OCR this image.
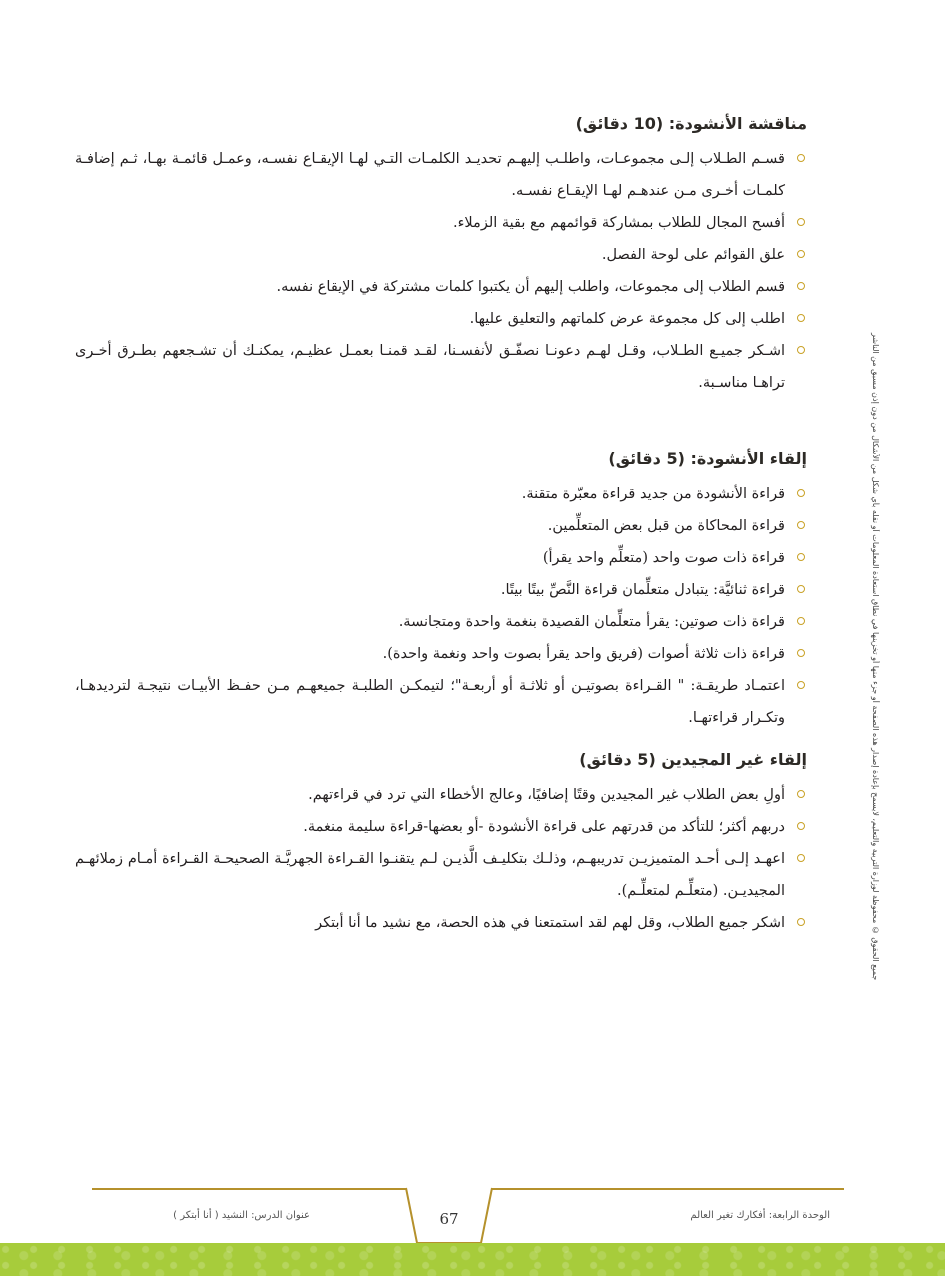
مناقشة الأنشودة: (10 دقائق)
قسـم الطـلاب إلـى مجموعـات، واطلـب إليهـم تحديـد الكلمـات التـي لهـا الإيقـاع نفسـه، وعمـل قائمـة بهـا، ثـم إضافـة كلمـات أخـرى مـن عندهـم لهـا الإيقـاع نفسـه.
أفسح المجال للطلاب بمشاركة قوائمهم مع بقية الزملاء.
علق القوائم على لوحة الفصل.
قسم الطلاب إلى مجموعات، واطلب إليهم أن يكتبوا كلمات مشتركة في الإيقاع نفسه.
اطلب إلى كل مجموعة عرض كلماتهم والتعليق عليها.
اشـكر جميـع الطـلاب، وقـل لهـم دعونـا نصفّـق لأنفسـنا، لقـد قمنـا بعمـل عظيـم، يمكنـك أن تشـجعهم بطـرق أخـرى تراهـا مناسـبة.
إلقاء الأنشودة: (5 دقائق)
قراءة الأنشودة من جديد قراءة معبّرة متقنة.
قراءة المحاكاة من قبل بعض المتعلِّمين.
قراءة ذات صوت واحد (متعلِّم واحد يقرأ)
قراءة ثنائيَّة: يتبادل متعلِّمان قراءة النَّصِّ بيتًا بيتًا.
قراءة ذات صوتين: يقرأ متعلِّمان القصيدة بنغمة واحدة ومتجانسة.
قراءة ذات ثلاثة أصوات (فريق واحد يقرأ بصوت واحد ونغمة واحدة).
اعتمـاد طريقـة: " القـراءة بصوتيـن أو ثلاثـة أو أربعـة"؛ لتيمكـن الطلبـة جميعهـم مـن حفـظ الأبيـات نتيجـة لترديدهـا، وتكـرار قراءتهـا.
إلقاء غير المجيدين (5 دقائق)
أولِ بعض الطلاب غير المجيدين وقتًا إضافيًا، وعالج الأخطاء التي ترد في قراءتهم.
دربهم أكثر؛ للتأكد من قدرتهم على قراءة الأنشودة -أو بعضها-قراءة سليمة منغمة.
اعهـد إلـى أحـد المتميزيـن تدريبهـم، وذلـك بتكليـف الَّذيـن لـم يتقنـوا القـراءة الجهريَّـة الصحيحـة القـراءة أمـام زملائهـم المجيديـن. (متعلِّـم لمتعلِّـم).
اشكر جميع الطلاب، وقل لهم لقد استمتعنا في هذه الحصة، مع نشيد ما أنا أبتكر	جميع الحقوق © محفوظة لوزارة التربية والتعليم، لايسمح بإعادة إصدار هذه الصفحة أو جزء منها أو تخزينها في نطاق استعادة المعلومات أو نقله بأي شكل من الأشكال من دون إذن مسبق من الناشر
67	الوحدة الرابعة: أفكارك تغير العالم
عنوان الدرس: النشيد ( أنا أبتكر )
